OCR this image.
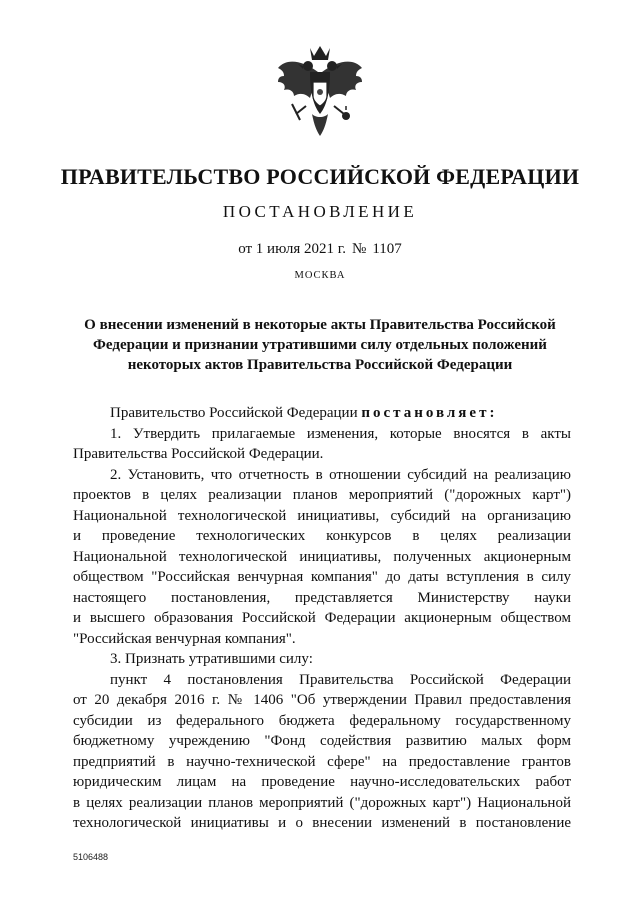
ПРАВИТЕЛЬСТВО РОССИЙСКОЙ ФЕДЕРАЦИИ
ПОСТАНОВЛЕНИЕ
от 1 июля 2021 г. № 1107
МОСКВА
О внесении изменений в некоторые акты Правительства Российской
Федерации и признании утратившими силу отдельных положений
некоторых актов Правительства Российской Федерации
Правительство Российской Федерации постановляет:
1. Утвердить прилагаемые изменения, которые вносятся в акты
Правительства Российской Федерации.
2. Установить, что отчетность в отношении субсидий на реализацию
проектов в целях реализации планов мероприятий ("дорожных карт")
Национальной технологической инициативы, субсидий на организацию
и проведение технологических конкурсов в целях реализации
Национальной технологической инициативы, полученных акционерным
обществом "Российская венчурная компания" до даты вступления в силу
настоящего постановления, представляется Министерству науки
и высшего образования Российской Федерации акционерным обществом
"Российская венчурная компания".
3. Признать утратившими силу:
пункт 4 постановления Правительства Российской Федерации
от 20 декабря 2016 г. № 1406 "Об утверждении Правил предоставления
субсидии из федерального бюджета федеральному государственному
бюджетному учреждению "Фонд содействия развитию малых форм
предприятий в научно-технической сфере" на предоставление грантов
юридическим лицам на проведение научно-исследовательских работ
в целях реализации планов мероприятий ("дорожных карт") Национальной
технологической инициативы и о внесении изменений в постановление
5106488
